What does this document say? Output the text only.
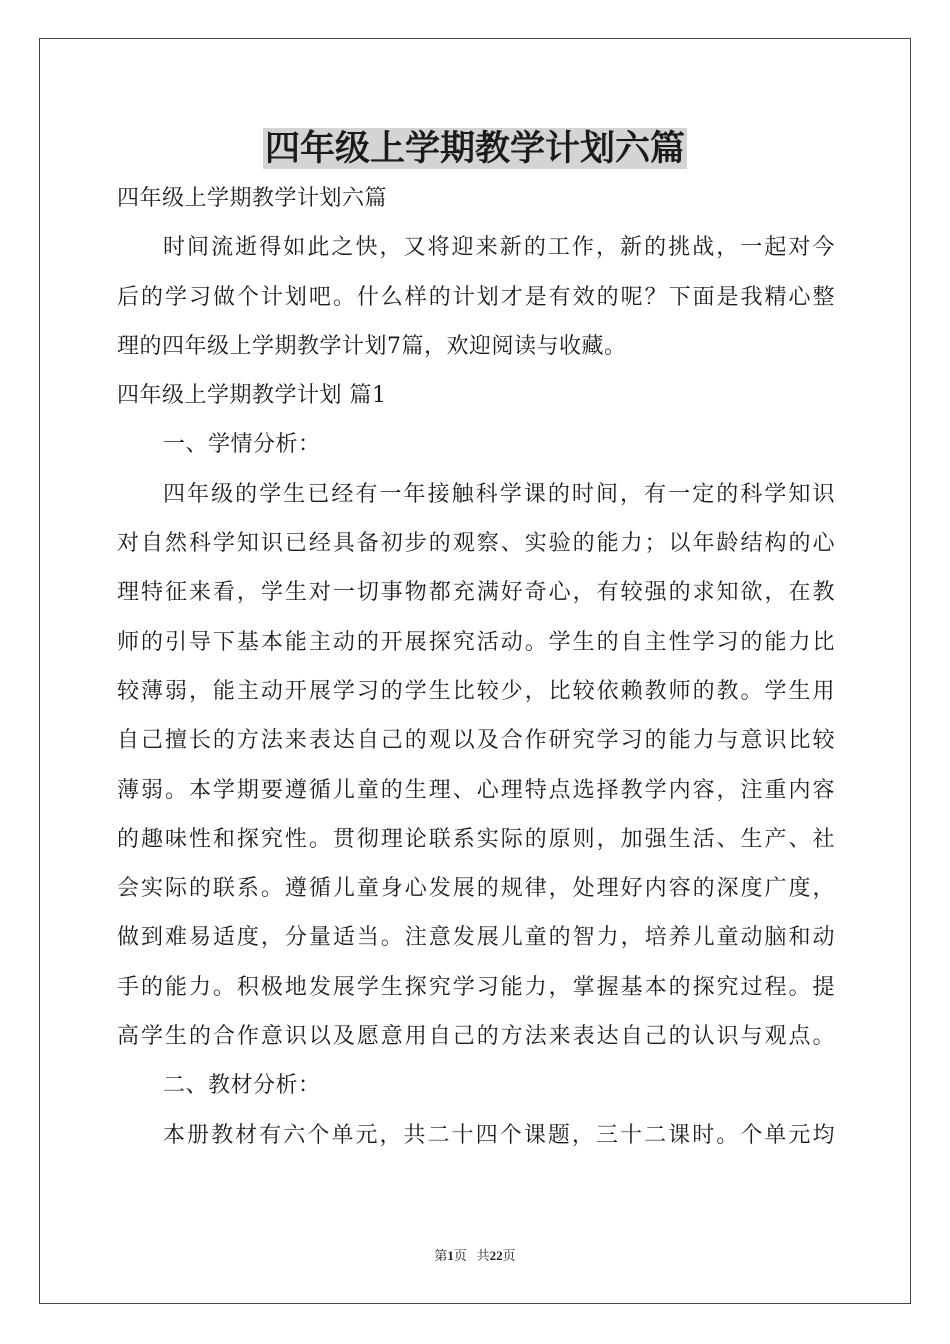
四年级上学期教学计划六篇
四年级上学期教学计划六篇
时间流逝得如此之快，又将迎来新的工作，新的挑战，一起对今
后的学习做个计划吧。什么样的计划才是有效的呢？下面是我精心整
理的四年级上学期教学计划7篇，欢迎阅读与收藏。
四年级上学期教学计划 篇1
一、学情分析：
四年级的学生已经有一年接触科学课的时间，有一定的科学知识
对自然科学知识已经具备初步的观察、实验的能力；以年龄结构的心
理特征来看，学生对一切事物都充满好奇心，有较强的求知欲，在教
师的引导下基本能主动的开展探究活动。学生的自主性学习的能力比
较薄弱，能主动开展学习的学生比较少，比较依赖教师的教。学生用
自己擅长的方法来表达自己的观以及合作研究学习的能力与意识比较
薄弱。本学期要遵循儿童的生理、心理特点选择教学内容，注重内容
的趣味性和探究性。贯彻理论联系实际的原则，加强生活、生产、社
会实际的联系。遵循儿童身心发展的规律，处理好内容的深度广度，
做到难易适度，分量适当。注意发展儿童的智力，培养儿童动脑和动
手的能力。积极地发展学生探究学习能力，掌握基本的探究过程。提
高学生的合作意识以及愿意用自己的方法来表达自己的认识与观点。
二、教材分析：
本册教材有六个单元，共二十四个课题，三十二课时。个单元均
第1页 共22页
